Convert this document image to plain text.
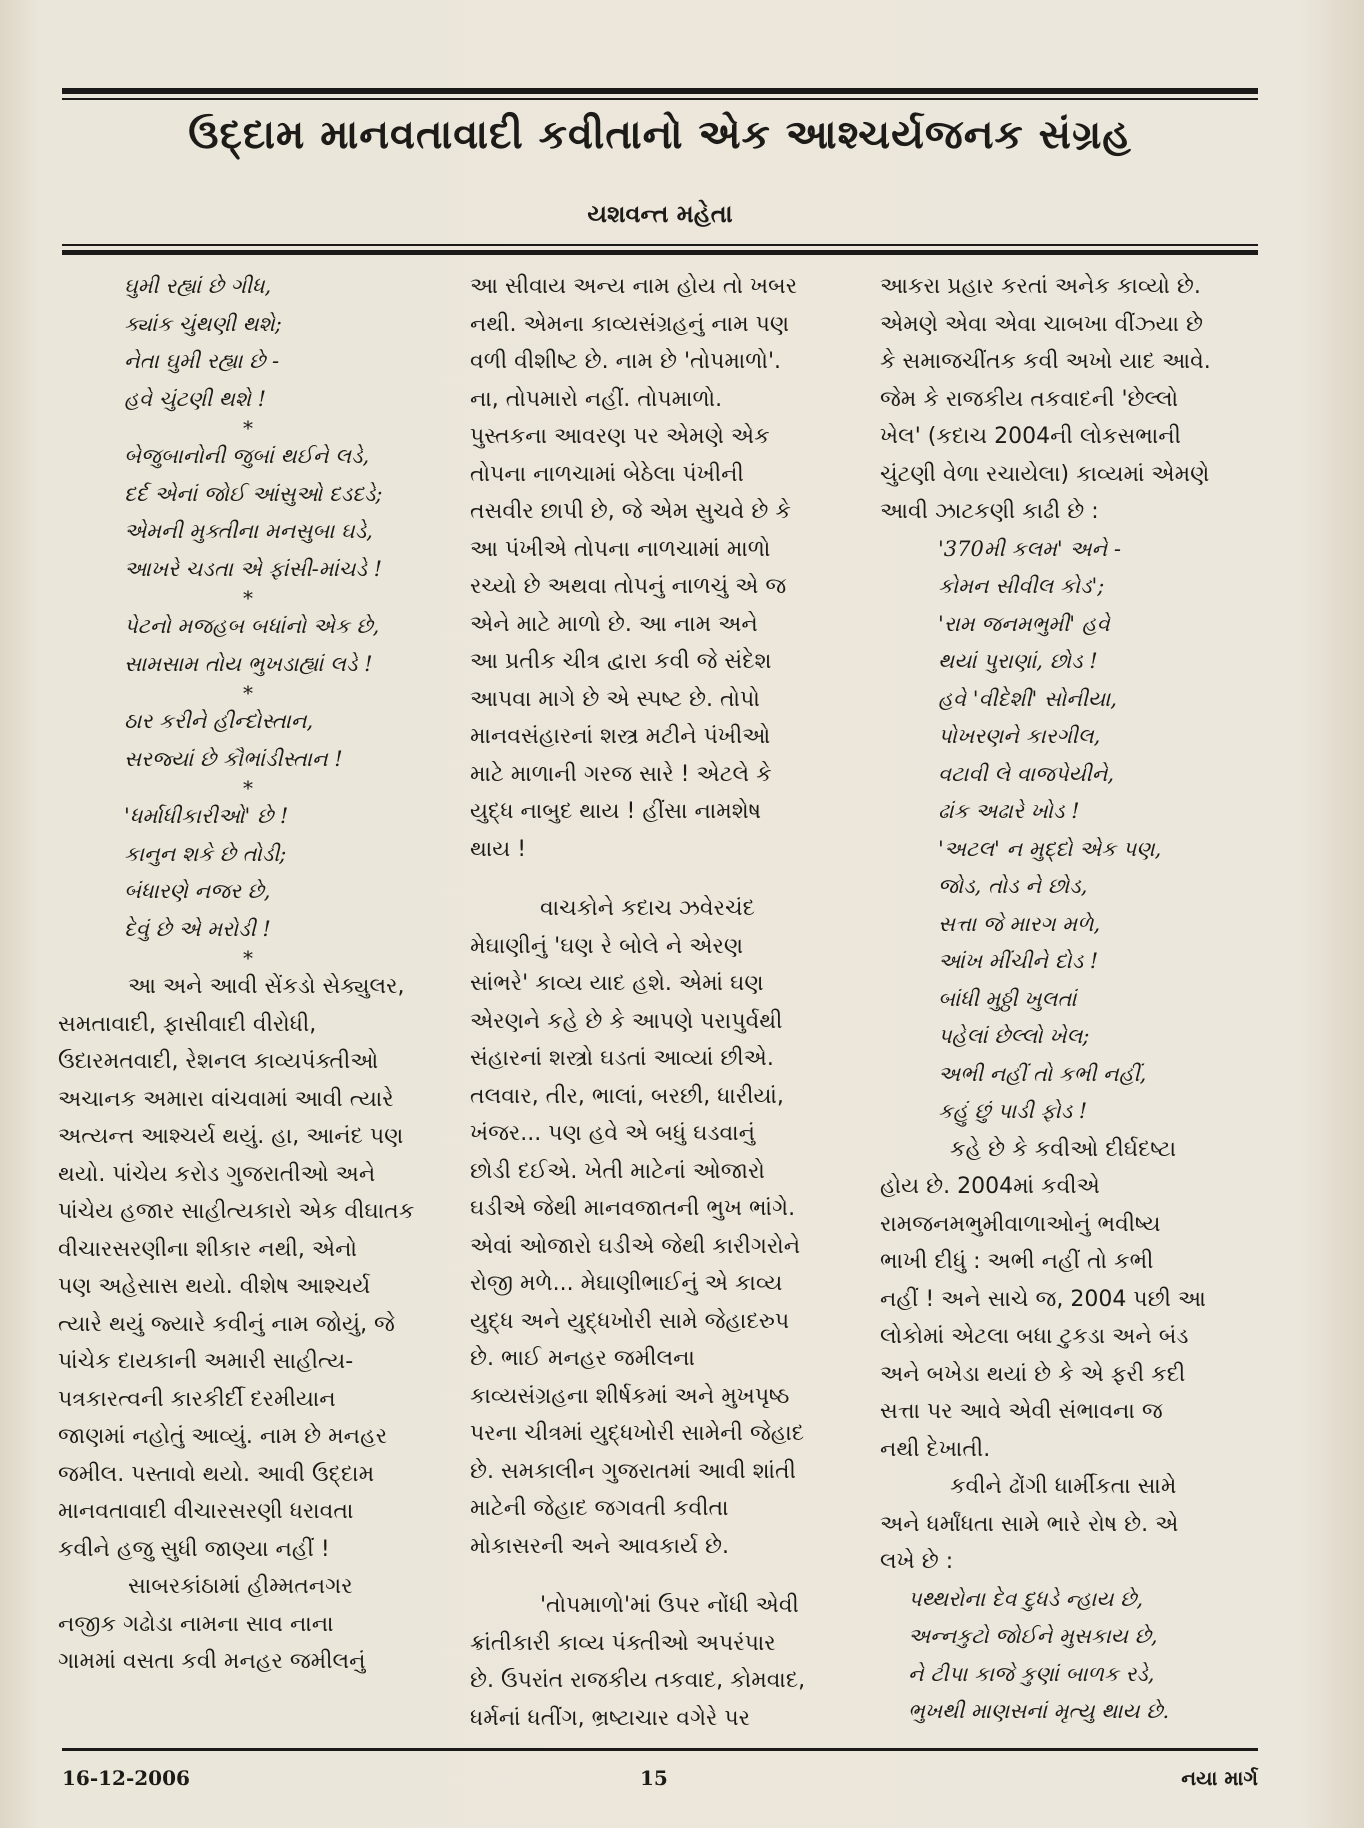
ઉદ્દામ માનવતાવાદી કવીતાનો એક આશ્ચર્યજનક સંગ્રહ
યશવન્ત મહેતા
ઘુમી રહ્યાં છે ગીધ,
ક્યાંક ચુંથણી થશે;
નેતા ઘુમી રહ્યા છે -
હવે ચુંટણી થશે !
*
બેજુબાનોની જુબાં થઈને લડે,
દર્દ એનાં જોઈ આંસુઓ દડદડે;
એમની મુક્તીના મનસુબા ઘડે,
આખરે ચડતા એ ફાંસી-માંચડે !
*
પેટનો મજહબ બધાંનો એક છે,
સામસામ તોય ભુખડાહ્યાં લડે !
*
ઠાર કરીને હીન્દોસ્તાન,
સરજ્યાં છે કૌભાંડીસ્તાન !
*
'ધર્માધીકારીઓ' છે !
કાનુન શકે છે તોડી;
બંધારણે નજર છે,
દેવું છે એ મરોડી !
*
આ અને આવી સેંકડો સેક્યુલર,
સમતાવાદી, ફાસીવાદી વીરોધી,
ઉદારમતવાદી, રેશનલ કાવ્યપંક્તીઓ
અચાનક અમારા વાંચવામાં આવી ત્યારે
અત્યન્ત આશ્ચર્ય થયું. હા, આનંદ પણ
થયો. પાંચેય કરોડ ગુજરાતીઓ અને
પાંચેય હજાર સાહીત્યકારો એક વીઘાતક
વીચારસરણીના શીકાર નથી, એનો
પણ અહેસાસ થયો. વીશેષ આશ્ચર્ય
ત્યારે થયું જ્યારે કવીનું નામ જોયું, જે
પાંચેક દાયકાની અમારી સાહીત્ય-
પત્રકારત્વની કારકીર્દી દરમીયાન
જાણમાં નહોતું આવ્યું. નામ છે મનહર
જમીલ. પસ્તાવો થયો. આવી ઉદ્દામ
માનવતાવાદી વીચારસરણી ધરાવતા
કવીને હજુ સુધી જાણ્યા નહીં !
સાબરકાંઠામાં હીમ્મતનગર
નજીક ગઢોડા નામના સાવ નાના
ગામમાં વસતા કવી મનહર જમીલનું
આ સીવાય અન્ય નામ હોય તો ખબર
નથી. એમના કાવ્યસંગ્રહનું નામ પણ
વળી વીશીષ્ટ છે. નામ છે 'તોપમાળો'.
ના, તોપમારો નહીં. તોપમાળો.
પુસ્તકના આવરણ પર એમણે એક
તોપના નાળચામાં બેઠેલા પંખીની
તસવીર છાપી છે, જે એમ સુચવે છે કે
આ પંખીએ તોપના નાળચામાં માળો
રચ્યો છે અથવા તોપનું નાળચું એ જ
એને માટે માળો છે. આ નામ અને
આ પ્રતીક ચીત્ર દ્વારા કવી જે સંદેશ
આપવા માગે છે એ સ્પષ્ટ છે. તોપો
માનવસંહારનાં શસ્ત્ર મટીને પંખીઓ
માટે માળાની ગરજ સારે ! એટલે કે
યુદ્ધ નાબુદ થાય ! હીંસા નામશેષ
થાય !
વાચકોને કદાચ ઝવેરચંદ
મેઘાણીનું 'ઘણ રે બોલે ને એરણ
સાંભરે' કાવ્ય યાદ હશે. એમાં ઘણ
એરણને કહે છે કે આપણે પરાપુર્વથી
સંહારનાં શસ્ત્રો ઘડતાં આવ્યાં છીએ.
તલવાર, તીર, ભાલાં, બરછી, ધારીયાં,
ખંજર... પણ હવે એ બધું ઘડવાનું
છોડી દઈએ. ખેતી માટેનાં ઓજારો
ઘડીએ જેથી માનવજાતની ભુખ ભાંગે.
એવાં ઓજારો ઘડીએ જેથી કારીગરોને
રોજી મળે... મેઘાણીભાઈનું એ કાવ્ય
યુદ્ધ અને યુદ્ધખોરી સામે જેહાદરુપ
છે. ભાઈ મનહર જમીલના
કાવ્યસંગ્રહના શીર્ષકમાં અને મુખપૃષ્ઠ
પરના ચીત્રમાં યુદ્ધખોરી સામેની જેહાદ
છે. સમકાલીન ગુજરાતમાં આવી શાંતી
માટેની જેહાદ જગવતી કવીતા
મોકાસરની અને આવકાર્ય છે.
'તોપમાળો'માં ઉપર નોંધી એવી
ક્રાંતીકારી કાવ્ય પંક્તીઓ અપરંપાર
છે. ઉપરાંત રાજકીય તકવાદ, કોમવાદ,
ધર્મનાં ધતીંગ, ભ્રષ્ટાચાર વગેરે પર
આકરા પ્રહાર કરતાં અનેક કાવ્યો છે.
એમણે એવા એવા ચાબખા વીંઝ્યા છે
કે સમાજચીંતક કવી અખો યાદ આવે.
જેમ કે રાજકીય તકવાદની 'છેલ્લો
ખેલ' (કદાચ 2004ની લોકસભાની
ચુંટણી વેળા રચાયેલા) કાવ્યમાં એમણે
આવી ઝાટકણી કાઢી છે :
'370મી કલમ' અને -
કોમન સીવીલ કોડ';
'રામ જનમભુમી' હવે
થયાં પુરાણાં, છોડ !
હવે 'વીદેશી' સોનીયા,
પોખરણને કારગીલ,
વટાવી લે વાજપેયીને,
ઢાંક અઢારે ખોડ !
'અટલ' ન મુદ્દો એક પણ,
જોડ, તોડ ને છોડ,
સત્તા જે મારગ મળે,
આંખ મીંચીને દોડ !
બાંધી મુઠ્ઠી ખુલતાં
પહેલાં છેલ્લો ખેલ;
અભી નહીં તો કભી નહીં,
કહું છું પાડી ફોડ !
કહે છે કે કવીઓ દીર્ઘદષ્ટા
હોય છે. 2004માં કવીએ
રામજનમભુમીવાળાઓનું ભવીષ્ય
ભાખી દીધું : અભી નહીં તો કભી
નહીં ! અને સાચે જ, 2004 પછી આ
લોકોમાં એટલા બધા ટુકડા અને બંડ
અને બખેડા થયાં છે કે એ ફરી કદી
સત્તા પર આવે એવી સંભાવના જ
નથી દેખાતી.
કવીને ઢોંગી ધાર્મીકતા સામે
અને ધર્માંધતા સામે ભારે રોષ છે. એ
લખે છે :
પથ્થરોના દેવ દુધડે ન્હાય છે,
અન્નકુટો જોઈને મુસકાય છે,
ને ટીપા કાજે કુણાં બાળક રડે,
ભુખથી માણસનાં મૃત્યુ થાય છે.
16-12-2006	15	નયા માર્ગ
